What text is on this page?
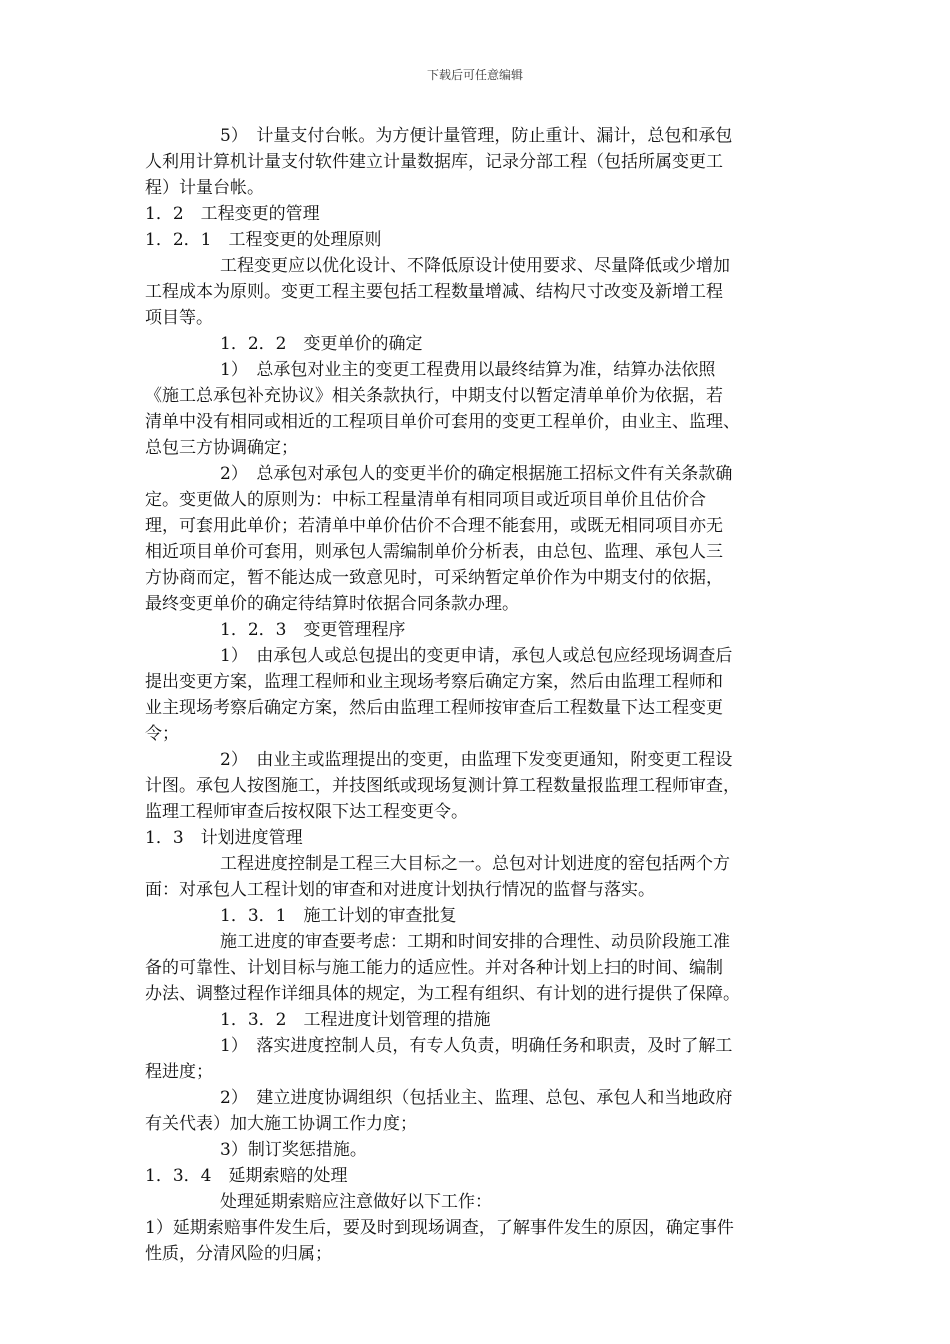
下载后可任意编辑
5）　计量支付台帐。为方便计量管理，防止重计、漏计，总包和承包
人利用计算机计量支付软件建立计量数据库，记录分部工程（包括所属变更工
程）计量台帐。
1．2　工程变更的管理
1．2．1　工程变更的处理原则
工程变更应以优化设计、不降低原设计使用要求、尽量降低或少增加
工程成本为原则。变更工程主要包括工程数量增减、结构尺寸改变及新增工程
项目等。
1．2．2　变更单价的确定
1）　总承包对业主的变更工程费用以最终结算为准，结算办法依照
《施工总承包补充协议》相关条款执行，中期支付以暂定清单单价为依据，若
清单中没有相同或相近的工程项目单价可套用的变更工程单价，由业主、监理、
总包三方协调确定；
2）　总承包对承包人的变更半价的确定根据施工招标文件有关条款确
定。变更做人的原则为：中标工程量清单有相同项目或近项目单价且估价合
理，可套用此单价；若清单中单价估价不合理不能套用，或既无相同项目亦无
相近项目单价可套用，则承包人需编制单价分析表，由总包、监理、承包人三
方协商而定，暂不能达成一致意见时，可采纳暂定单价作为中期支付的依据，
最终变更单价的确定待结算时依据合同条款办理。
1．2．3　变更管理程序
1）　由承包人或总包提出的变更申请，承包人或总包应经现场调查后
提出变更方案，监理工程师和业主现场考察后确定方案，然后由监理工程师和
业主现场考察后确定方案，然后由监理工程师按审查后工程数量下达工程变更
令；
2）　由业主或监理提出的变更，由监理下发变更通知，附变更工程设
计图。承包人按图施工，并技图纸或现场复测计算工程数量报监理工程师审查，
监理工程师审查后按权限下达工程变更令。
1．3　计划进度管理
工程进度控制是工程三大目标之一。总包对计划进度的窑包括两个方
面：对承包人工程计划的审查和对进度计划执行情况的监督与落实。
1．3．1　施工计划的审查批复
施工进度的审查要考虑：工期和时间安排的合理性、动员阶段施工准
备的可靠性、计划目标与施工能力的适应性。并对各种计划上扫的时间、编制
办法、调整过程作详细具体的规定，为工程有组织、有计划的进行提供了保障。
1．3．2　工程进度计划管理的措施
1）　落实进度控制人员，有专人负责，明确任务和职责，及时了解工
程进度；
2）　建立进度协调组织（包括业主、监理、总包、承包人和当地政府
有关代表）加大施工协调工作力度；
3）制订奖惩措施。
1．3．4　延期索赔的处理
处理延期索赔应注意做好以下工作：
1）延期索赔事件发生后，要及时到现场调查，了解事件发生的原因，确定事件
性质，分清风险的归属；
